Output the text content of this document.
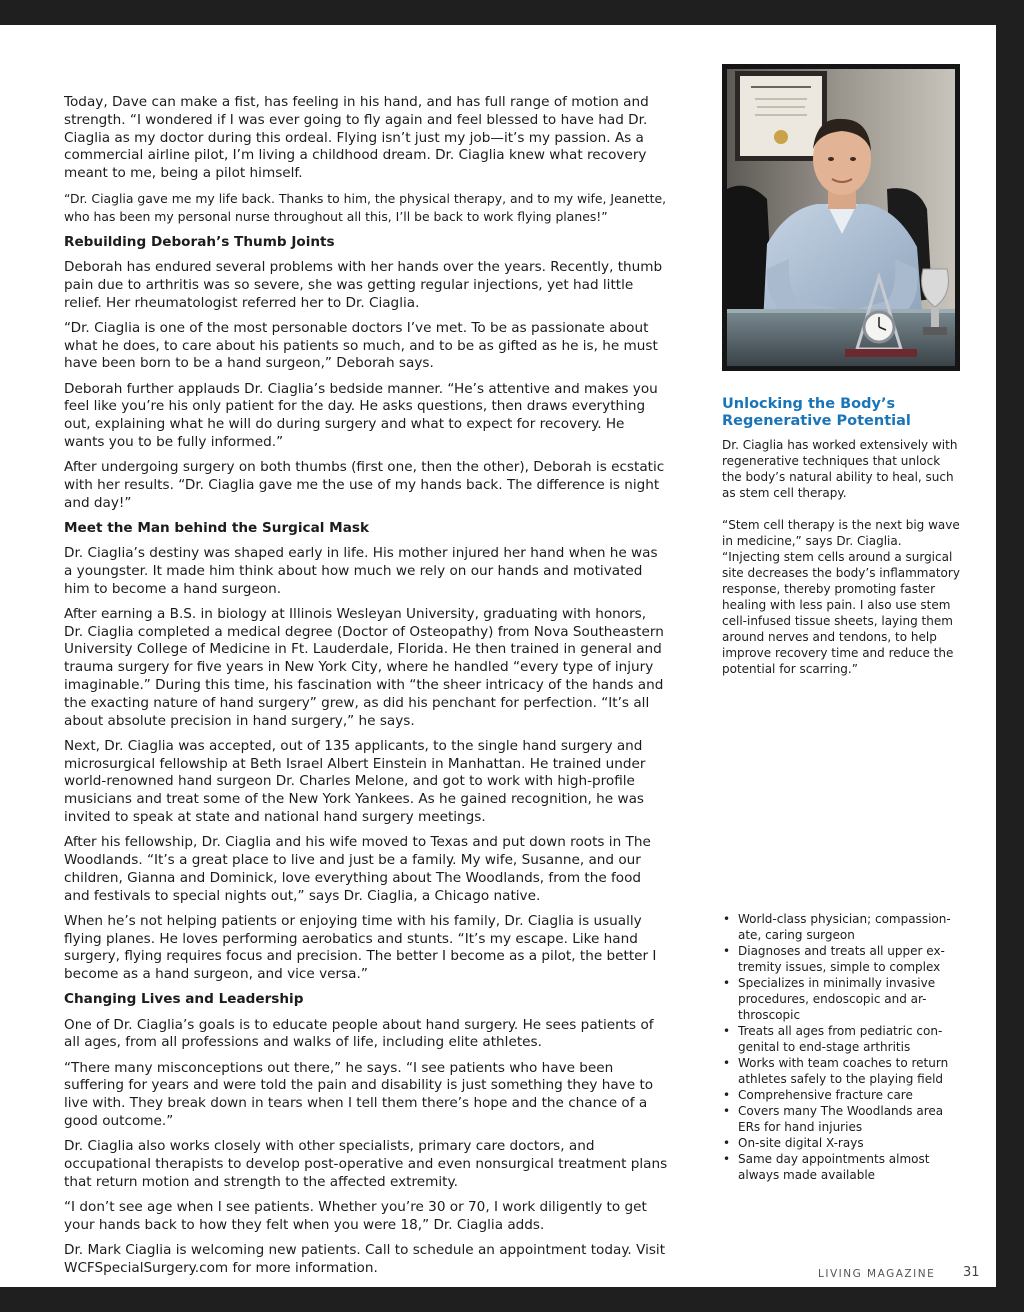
Today, Dave can make a fist, has feeling in his hand, and has full range of motion and strength. “I wondered if I was ever going to fly again and feel blessed to have had Dr. Ciaglia as my doctor during this ordeal. Flying isn’t just my job—it’s my passion. As a commercial airline pilot, I’m living a childhood dream. Dr. Ciaglia knew what recovery meant to me, being a pilot himself.

“Dr. Ciaglia gave me my life back. Thanks to him, the physical therapy, and to my wife, Jeanette, who has been my personal nurse throughout all this, I’ll be back to work flying planes!”

Rebuilding Deborah’s Thumb Joints

Deborah has endured several problems with her hands over the years. Recently, thumb pain due to arthritis was so severe, she was getting regular injections, yet had little relief. Her rheumatologist referred her to Dr. Ciaglia.

“Dr. Ciaglia is one of the most personable doctors I’ve met. To be as passionate about what he does, to care about his patients so much, and to be as gifted as he is, he must have been born to be a hand surgeon,” Deborah says.

Deborah further applauds Dr. Ciaglia’s bedside manner. “He’s attentive and makes you feel like you’re his only patient for the day. He asks questions, then draws everything out, explaining what he will do during surgery and what to expect for recovery. He wants you to be fully informed.”

After undergoing surgery on both thumbs (first one, then the other), Deborah is ecstatic with her results. “Dr. Ciaglia gave me the use of my hands back. The difference is night and day!”

Meet the Man behind the Surgical Mask

Dr. Ciaglia’s destiny was shaped early in life. His mother injured her hand when he was a youngster. It made him think about how much we rely on our hands and motivated him to become a hand surgeon.

After earning a B.S. in biology at Illinois Wesleyan University, graduating with honors, Dr. Ciaglia completed a medical degree (Doctor of Osteopathy) from Nova Southeastern University College of Medicine in Ft. Lauderdale, Florida. He then trained in general and trauma surgery for five years in New York City, where he handled “every type of injury imaginable.” During this time, his fascination with “the sheer intricacy of the hands and the exacting nature of hand surgery” grew, as did his penchant for perfection. “It’s all about absolute precision in hand surgery,” he says.

Next, Dr. Ciaglia was accepted, out of 135 applicants, to the single hand surgery and microsurgical fellowship at Beth Israel Albert Einstein in Manhattan. He trained under world-renowned hand surgeon Dr. Charles Melone, and got to work with high-profile musicians and treat some of the New York Yankees. As he gained recognition, he was invited to speak at state and national hand surgery meetings.

After his fellowship, Dr. Ciaglia and his wife moved to Texas and put down roots in The Woodlands. “It’s a great place to live and just be a family. My wife, Susanne, and our children, Gianna and Dominick, love everything about The Woodlands, from the food and festivals to special nights out,” says Dr. Ciaglia, a Chicago native.

When he’s not helping patients or enjoying time with his family, Dr. Ciaglia is usually flying planes. He loves performing aerobatics and stunts. “It’s my escape. Like hand surgery, flying requires focus and precision. The better I become as a pilot, the better I become as a hand surgeon, and vice versa.”

Changing Lives and Leadership

One of Dr. Ciaglia’s goals is to educate people about hand surgery. He sees patients of all ages, from all professions and walks of life, including elite athletes.

“There many misconceptions out there,” he says. “I see patients who have been suffering for years and were told the pain and disability is just something they have to live with. They break down in tears when I tell them there’s hope and the chance of a good outcome.”

Dr. Ciaglia also works closely with other specialists, primary care doctors, and occupational therapists to develop post-operative and even nonsurgical treatment plans that return motion and strength to the affected extremity.

“I don’t see age when I see patients. Whether you’re 30 or 70, I work diligently to get your hands back to how they felt when you were 18,” Dr. Ciaglia adds.

Dr. Mark Ciaglia is welcoming new patients. Call to schedule an appointment today. Visit WCFSpecialSurgery.com for more information.

Unlocking the Body’s Regenerative Potential

Dr. Ciaglia has worked extensively with regenerative techniques that unlock the body’s natural ability to heal, such as stem cell therapy.

“Stem cell therapy is the next big wave in medicine,” says Dr. Ciaglia. “Injecting stem cells around a surgical site decreases the body’s inflammatory response, thereby promoting faster healing with less pain. I also use stem cell-infused tissue sheets, laying them around nerves and tendons, to help improve recovery time and reduce the potential for scarring.”

• World-class physician; compassion-ate, caring surgeon
• Diagnoses and treats all upper ex-tremity issues, simple to complex
• Specializes in minimally invasive procedures, endoscopic and ar-throscopic
• Treats all ages from pediatric con-genital to end-stage arthritis
• Works with team coaches to return athletes safely to the playing field
• Comprehensive fracture care
• Covers many The Woodlands area ERs for hand injuries
• On-site digital X-rays
• Same day appointments almost always made available
LIVING MAGAZINE 31
